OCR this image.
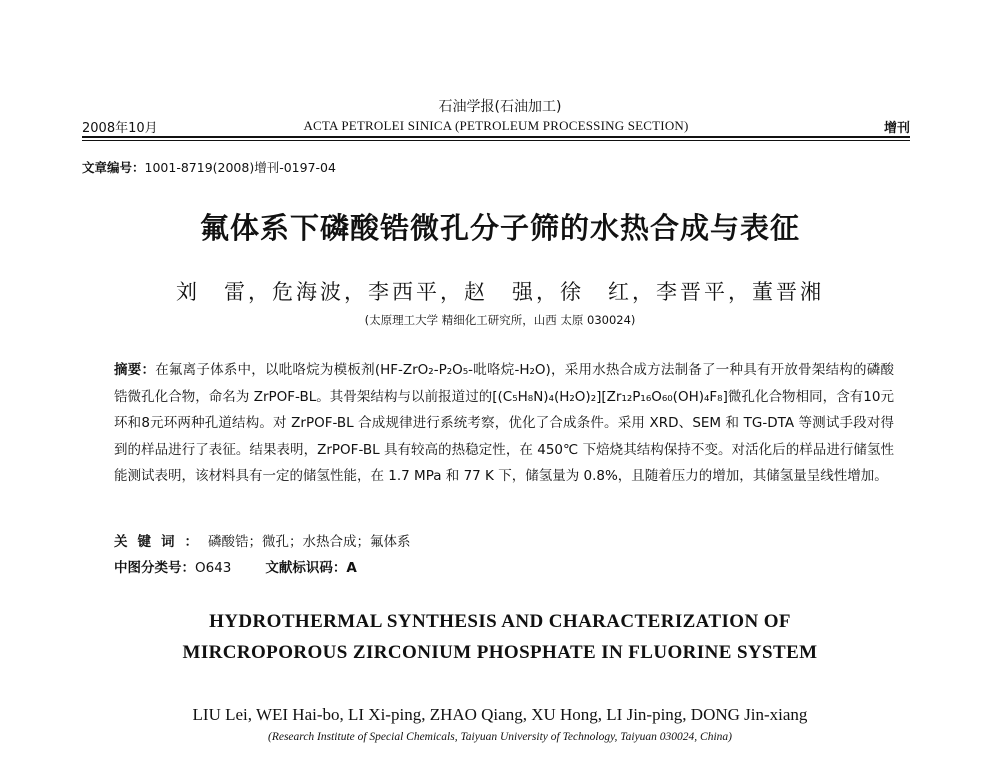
石油学报(石油加工)
2008年10月	ACTA PETROLEI SINICA (PETROLEUM PROCESSING SECTION)	增刊
文章编号：1001-8719(2008)增刊-0197-04
氟体系下磷酸锆微孔分子筛的水热合成与表征
刘　雷，危海波，李西平，赵　强，徐　红，李晋平，董晋湘
(太原理工大学 精细化工研究所，山西 太原 030024)
摘要：在氟离子体系中，以吡咯烷为模板剂(HF-ZrO₂-P₂O₅-吡咯烷-H₂O)，采用水热合成方法制备了一种具有开放骨架结构的磷酸锆微孔化合物，命名为 ZrPOF-BL。其骨架结构与以前报道过的[(C₅H₈N)₄(H₂O)₂][Zr₁₂P₁₆O₆₀(OH)₄F₈]微孔化合物相同，含有10元环和8元环两种孔道结构。对 ZrPOF-BL 合成规律进行系统考察，优化了合成条件。采用 XRD、SEM 和 TG-DTA 等测试手段对得到的样品进行了表征。结果表明，ZrPOF-BL 具有较高的热稳定性，在 450℃ 下焙烧其结构保持不变。对活化后的样品进行储氢性能测试表明，该材料具有一定的储氢性能，在 1.7 MPa 和 77 K 下，储氢量为 0.8%，且随着压力的增加，其储氢量呈线性增加。
关键词：磷酸锆；微孔；水热合成；氟体系
中图分类号：O643	文献标识码：A
HYDROTHERMAL SYNTHESIS AND CHARACTERIZATION OF
MIRCROPOROUS ZIRCONIUM PHOSPHATE IN FLUORINE SYSTEM
LIU Lei, WEI Hai-bo, LI Xi-ping, ZHAO Qiang, XU Hong, LI Jin-ping, DONG Jin-xiang
(Research Institute of Special Chemicals, Taiyuan University of Technology, Taiyuan 030024, China)
